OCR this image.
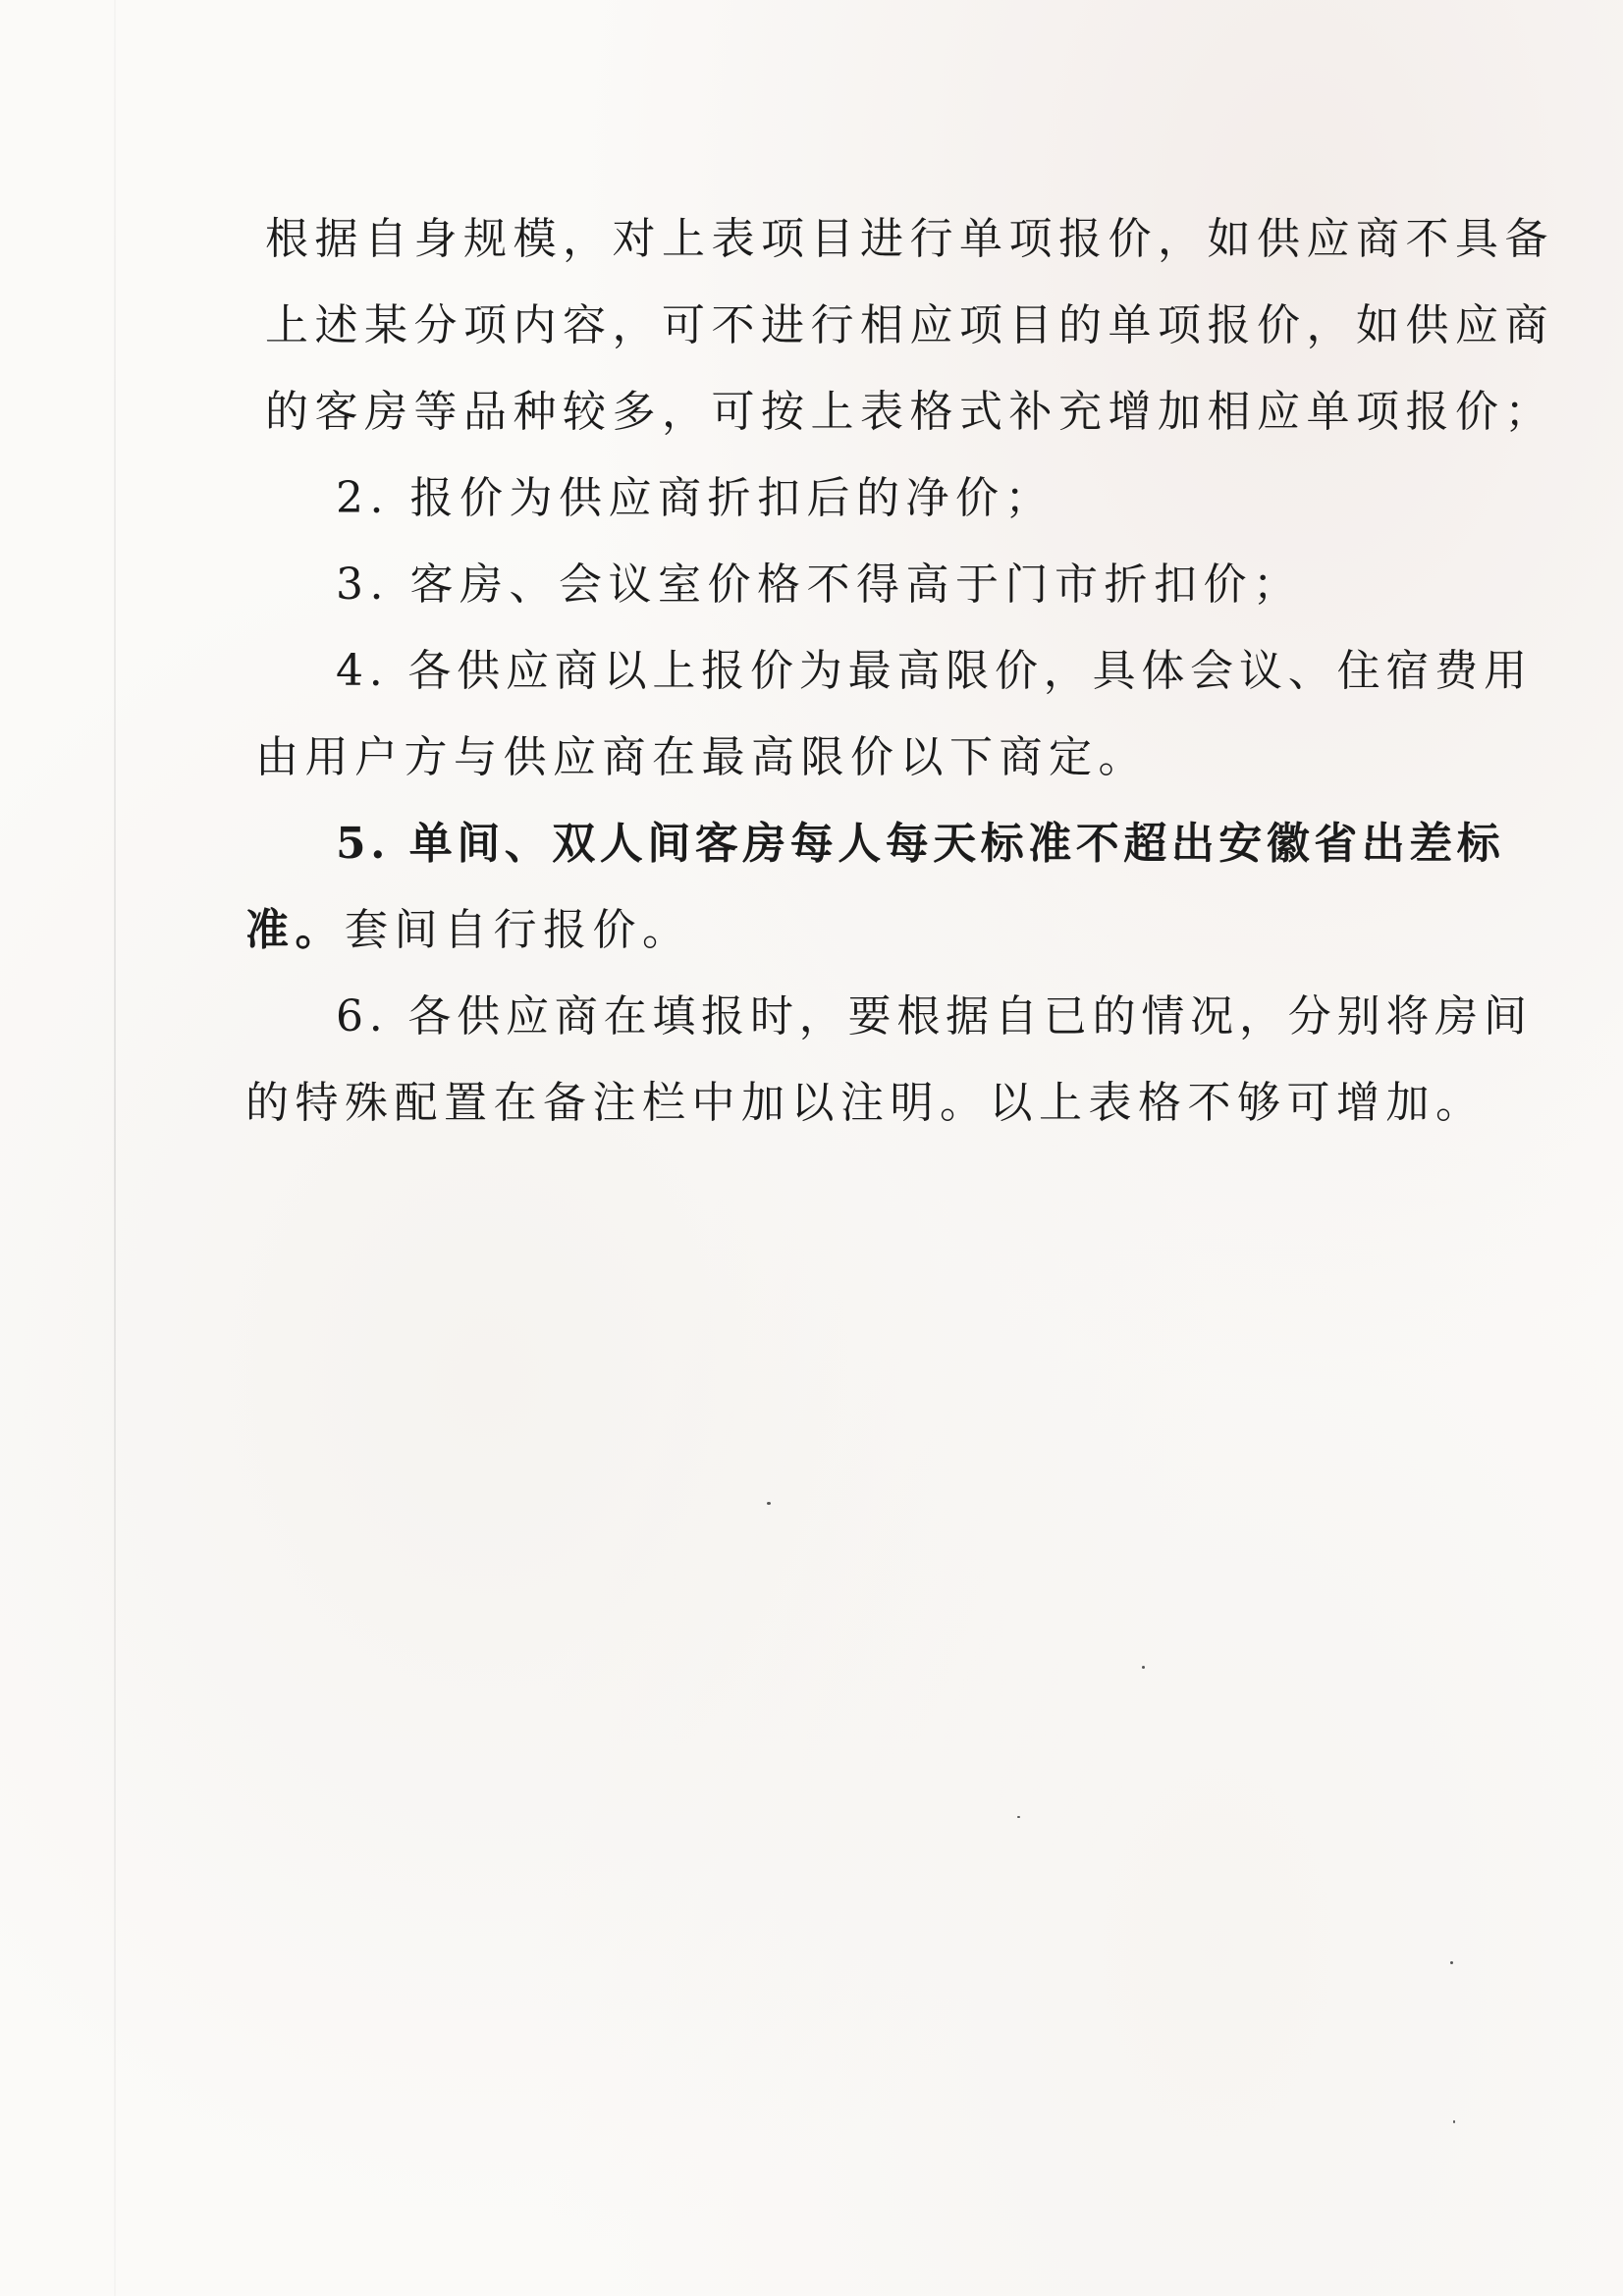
根据自身规模，对上表项目进行单项报价，如供应商不具备
上述某分项内容，可不进行相应项目的单项报价，如供应商
的客房等品种较多，可按上表格式补充增加相应单项报价；
2. 报价为供应商折扣后的净价；
3. 客房、会议室价格不得高于门市折扣价；
4. 各供应商以上报价为最高限价，具体会议、住宿费用
由用户方与供应商在最高限价以下商定。
5. 单间、双人间客房每人每天标准不超出安徽省出差标
准。套间自行报价。
6. 各供应商在填报时，要根据自已的情况，分别将房间
的特殊配置在备注栏中加以注明。以上表格不够可增加。
